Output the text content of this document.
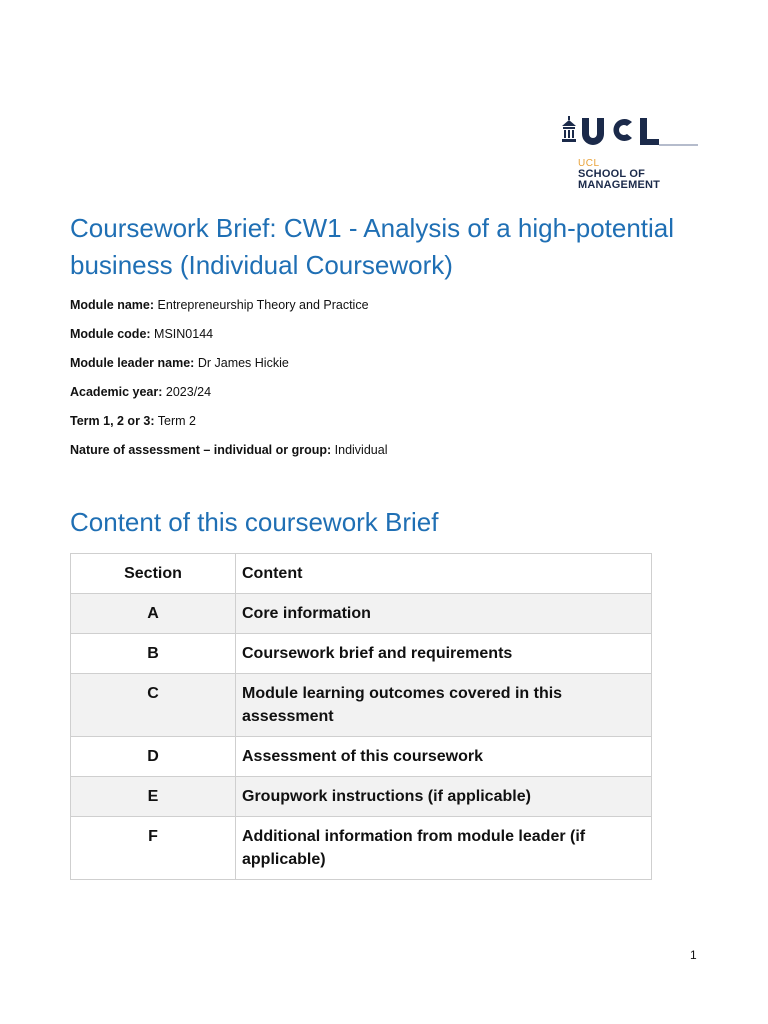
UCL
SCHOOL OF
MANAGEMENT
Coursework Brief: CW1 - Analysis of a high-potential business (Individual Coursework)
Module name: Entrepreneurship Theory and Practice
Module code: MSIN0144
Module leader name: Dr James Hickie
Academic year: 2023/24
Term 1, 2 or 3: Term 2
Nature of assessment – individual or group: Individual
Content of this coursework Brief
Section	Content
A	Core information
B	Coursework brief and requirements
C	Module learning outcomes covered in this assessment
D	Assessment of this coursework
E	Groupwork instructions (if applicable)
F	Additional information from module leader (if applicable)
1
